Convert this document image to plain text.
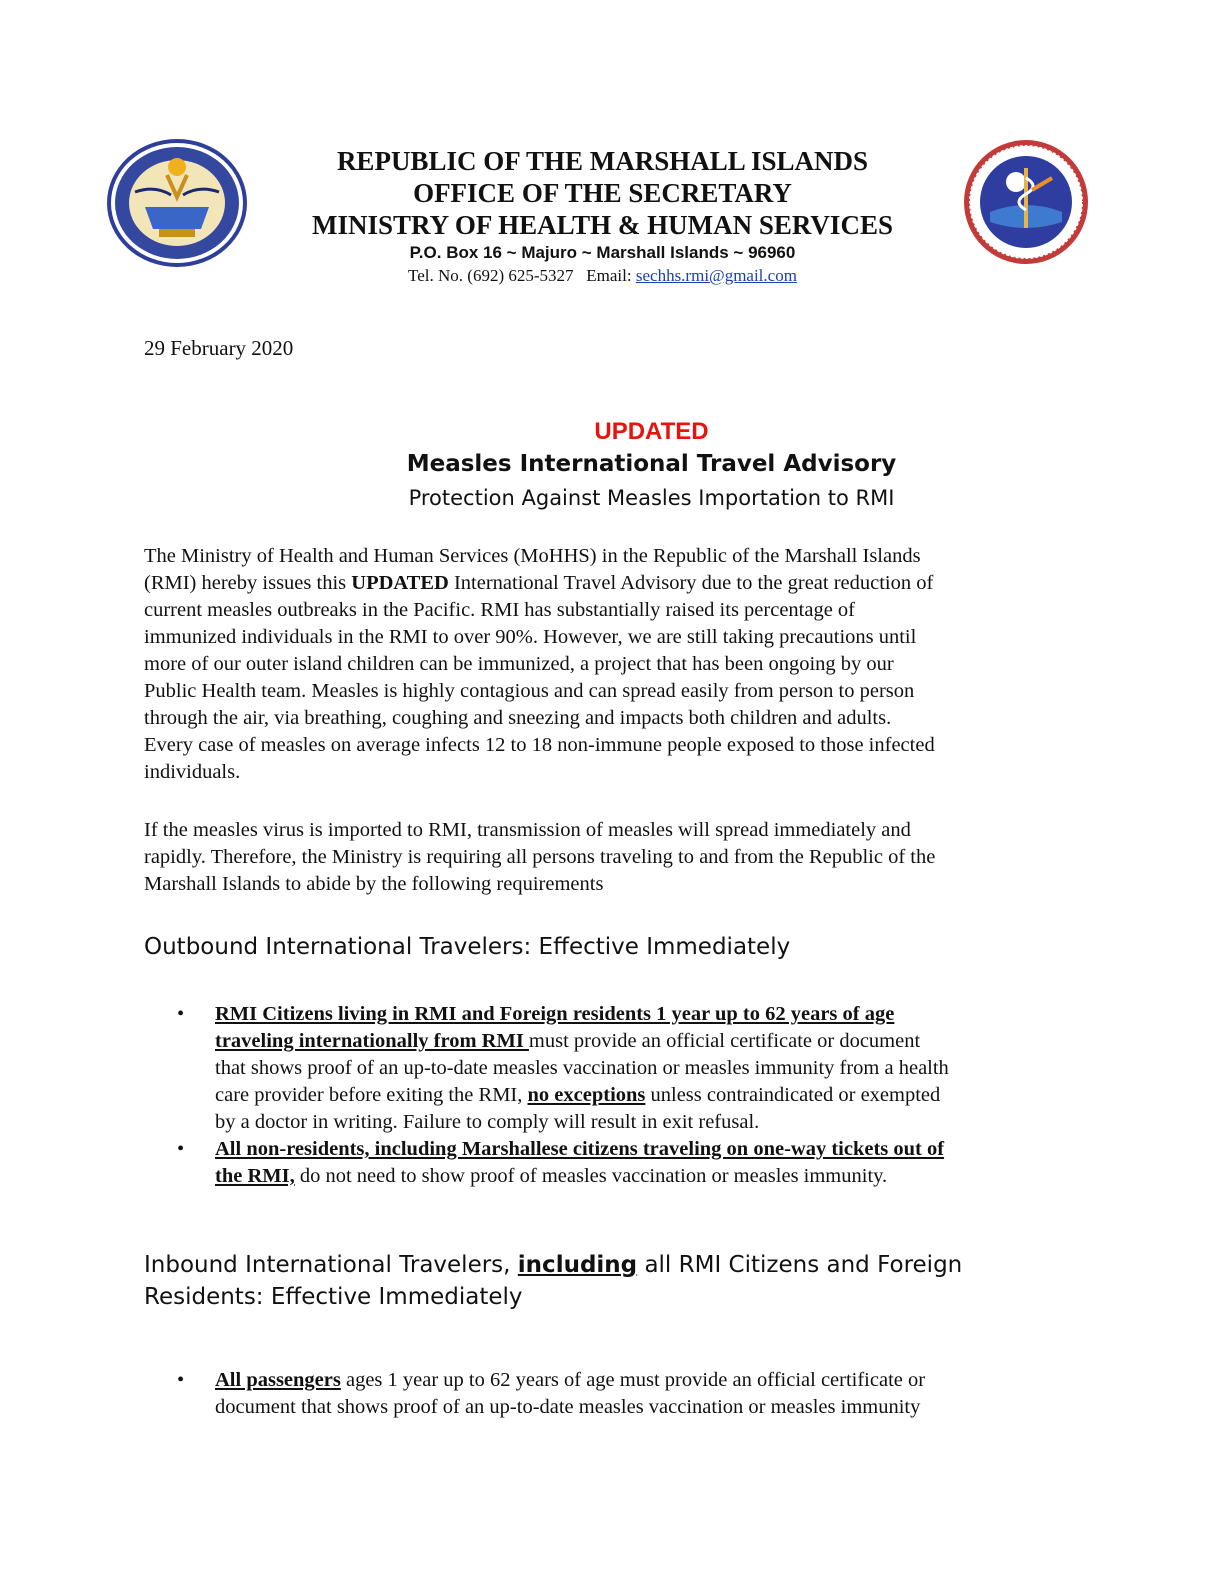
REPUBLIC OF THE MARSHALL ISLANDS
OFFICE OF THE SECRETARY
MINISTRY OF HEALTH & HUMAN SERVICES
P.O. Box 16 ~ Majuro ~ Marshall Islands ~ 96960
Tel. No. (692) 625-5327 Email: sechhs.rmi@gmail.com
29 February 2020
UPDATED
Measles International Travel Advisory
Protection Against Measles Importation to RMI
The Ministry of Health and Human Services (MoHHS) in the Republic of the Marshall Islands
(RMI) hereby issues this UPDATED International Travel Advisory due to the great reduction of
current measles outbreaks in the Pacific. RMI has substantially raised its percentage of
immunized individuals in the RMI to over 90%. However, we are still taking precautions until
more of our outer island children can be immunized, a project that has been ongoing by our
Public Health team. Measles is highly contagious and can spread easily from person to person
through the air, via breathing, coughing and sneezing and impacts both children and adults.
Every case of measles on average infects 12 to 18 non-immune people exposed to those infected
individuals.
If the measles virus is imported to RMI, transmission of measles will spread immediately and
rapidly. Therefore, the Ministry is requiring all persons traveling to and from the Republic of the
Marshall Islands to abide by the following requirements
Outbound International Travelers: Effective Immediately
• RMI Citizens living in RMI and Foreign residents 1 year up to 62 years of age
traveling internationally from RMI must provide an official certificate or document
that shows proof of an up-to-date measles vaccination or measles immunity from a health
care provider before exiting the RMI, no exceptions unless contraindicated or exempted
by a doctor in writing. Failure to comply will result in exit refusal.
• All non-residents, including Marshallese citizens traveling on one-way tickets out of
the RMI, do not need to show proof of measles vaccination or measles immunity.
Inbound International Travelers, including all RMI Citizens and Foreign
Residents: Effective Immediately
• All passengers ages 1 year up to 62 years of age must provide an official certificate or
document that shows proof of an up-to-date measles vaccination or measles immunity
